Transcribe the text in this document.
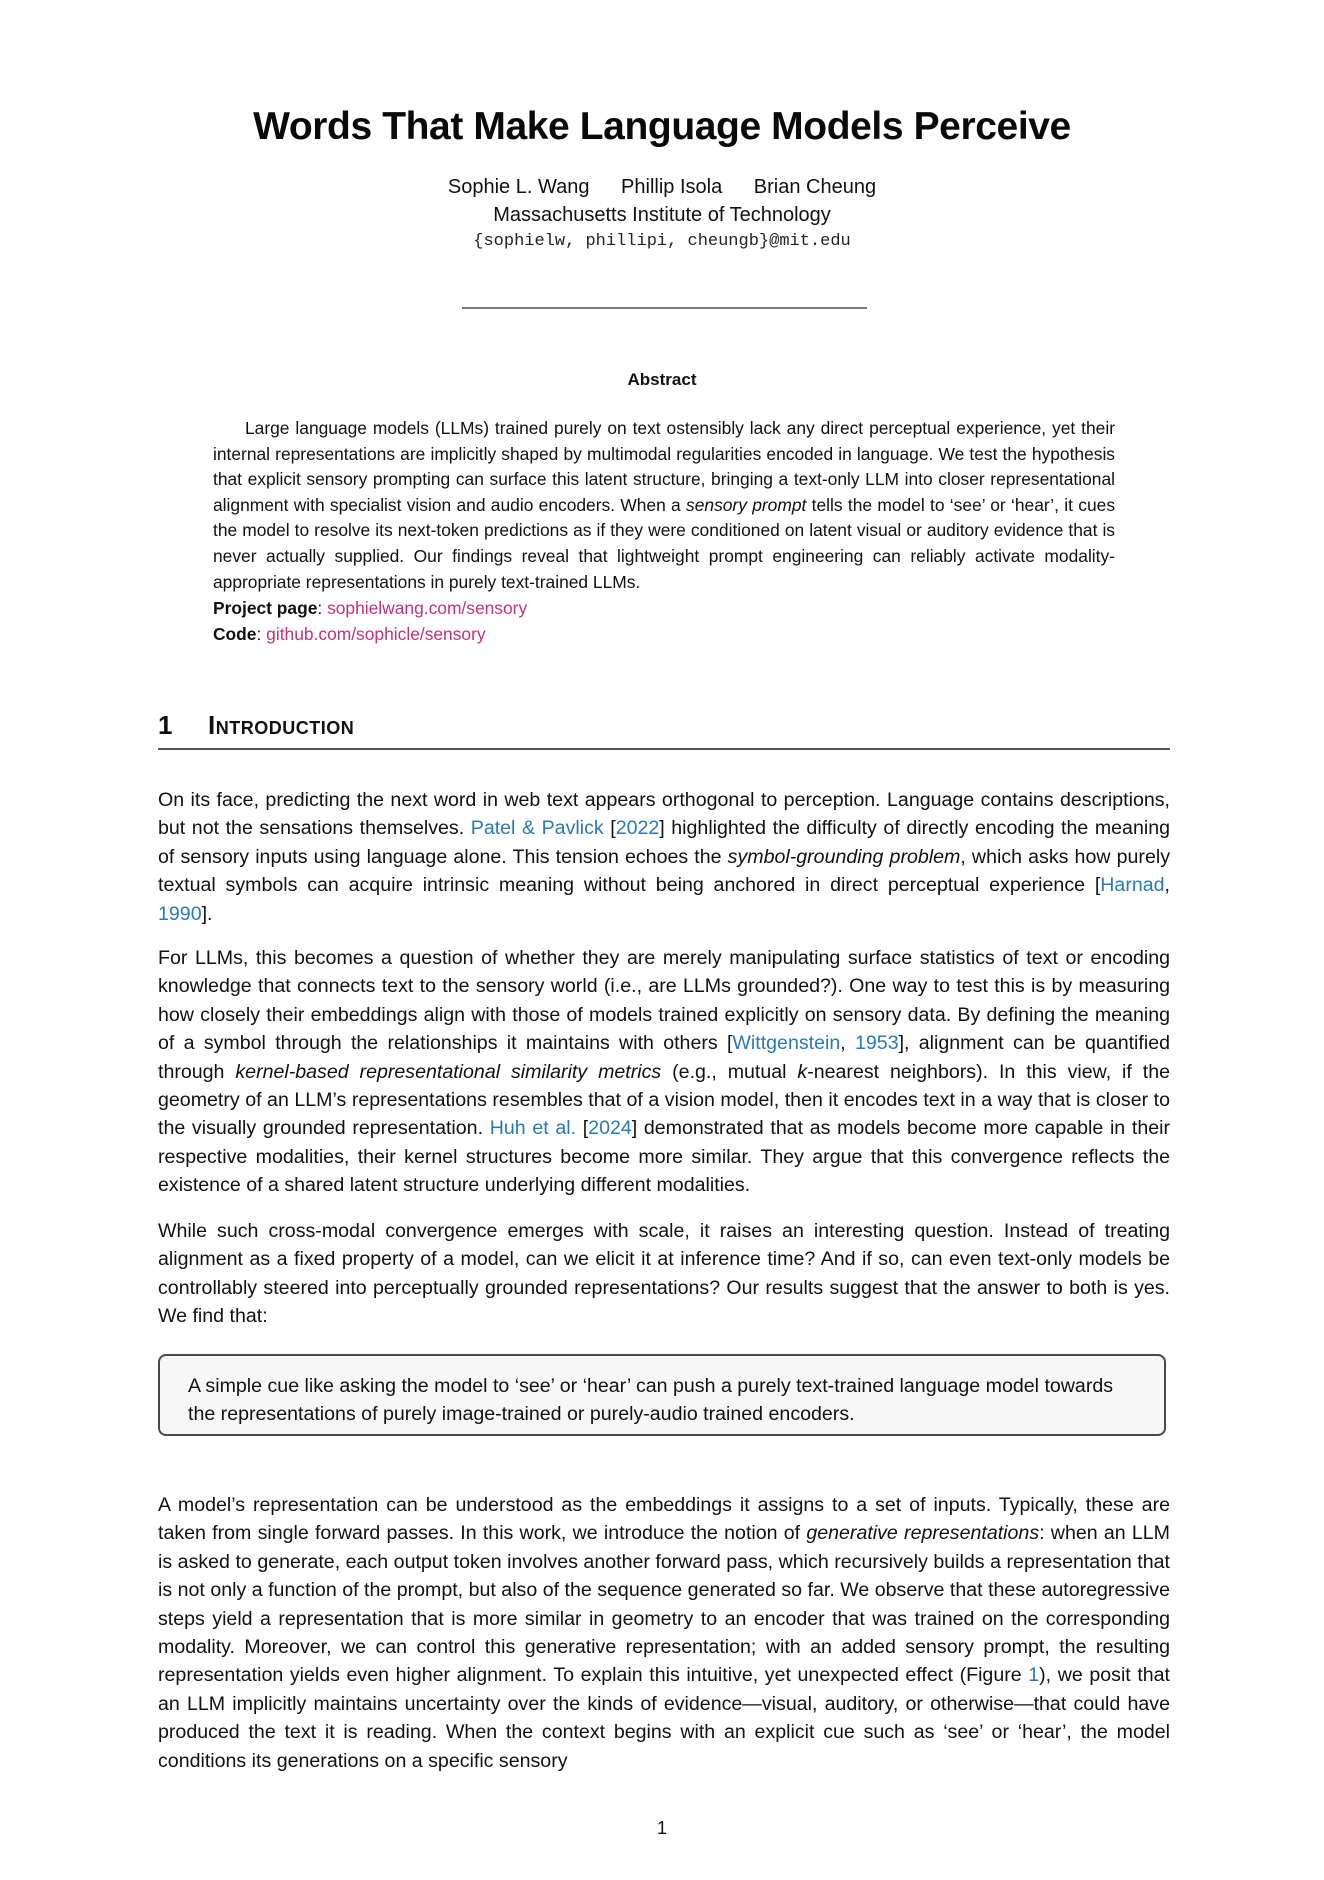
Words That Make Language Models Perceive
Sophie L. Wang Phillip Isola Brian Cheung
Massachusetts Institute of Technology
{sophielw, phillipi, cheungb}@mit.edu
Abstract
Large language models (LLMs) trained purely on text ostensibly lack any direct perceptual experience, yet their internal representations are implicitly shaped by multimodal regularities encoded in language. We test the hypothesis that explicit sensory prompting can surface this latent structure, bringing a text-only LLM into closer representational alignment with specialist vision and audio encoders. When a sensory prompt tells the model to ‘see’ or ‘hear’, it cues the model to resolve its next-token predictions as if they were conditioned on latent visual or auditory evidence that is never actually supplied. Our findings reveal that lightweight prompt engineering can reliably activate modality-appropriate representations in purely text-trained LLMs.
Project page: sophielwang.com/sensory
Code: github.com/sophicle/sensory
1 Introduction
On its face, predicting the next word in web text appears orthogonal to perception. Language contains descriptions, but not the sensations themselves. Patel & Pavlick [2022] highlighted the difficulty of directly encoding the meaning of sensory inputs using language alone. This tension echoes the symbol-grounding problem, which asks how purely textual symbols can acquire intrinsic meaning without being anchored in direct perceptual experience [Harnad, 1990].
For LLMs, this becomes a question of whether they are merely manipulating surface statistics of text or encoding knowledge that connects text to the sensory world (i.e., are LLMs grounded?). One way to test this is by measuring how closely their embeddings align with those of models trained explicitly on sensory data. By defining the meaning of a symbol through the relationships it maintains with others [Wittgenstein, 1953], alignment can be quantified through kernel-based representational similarity metrics (e.g., mutual k-nearest neighbors). In this view, if the geometry of an LLM’s representations resembles that of a vision model, then it encodes text in a way that is closer to the visually grounded representation. Huh et al. [2024] demonstrated that as models become more capable in their respective modalities, their kernel structures become more similar. They argue that this convergence reflects the existence of a shared latent structure underlying different modalities.
While such cross-modal convergence emerges with scale, it raises an interesting question. Instead of treating alignment as a fixed property of a model, can we elicit it at inference time? And if so, can even text-only models be controllably steered into perceptually grounded representations? Our results suggest that the answer to both is yes. We find that:
A simple cue like asking the model to ‘see’ or ‘hear’ can push a purely text-trained language model towards the representations of purely image-trained or purely-audio trained encoders.
A model’s representation can be understood as the embeddings it assigns to a set of inputs. Typically, these are taken from single forward passes. In this work, we introduce the notion of generative representations: when an LLM is asked to generate, each output token involves another forward pass, which recursively builds a representation that is not only a function of the prompt, but also of the sequence generated so far. We observe that these autoregressive steps yield a representation that is more similar in geometry to an encoder that was trained on the corresponding modality. Moreover, we can control this generative representation; with an added sensory prompt, the resulting representation yields even higher alignment. To explain this intuitive, yet unexpected effect (Figure 1), we posit that an LLM implicitly maintains uncertainty over the kinds of evidence—visual, auditory, or otherwise—that could have produced the text it is reading. When the context begins with an explicit cue such as ‘see’ or ‘hear’, the model conditions its generations on a specific sensory
1
